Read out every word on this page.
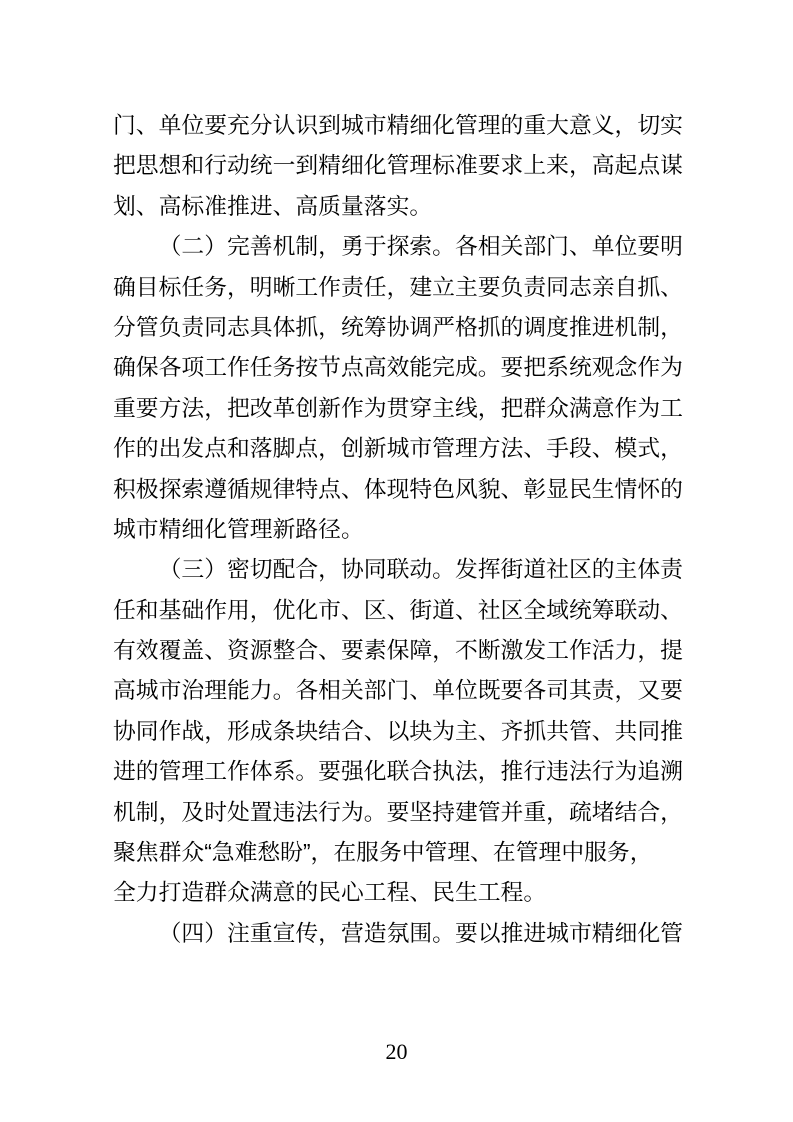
门、单位要充分认识到城市精细化管理的重大意义，切实
把思想和行动统一到精细化管理标准要求上来，高起点谋
划、高标准推进、高质量落实。
（二）完善机制，勇于探索。各相关部门、单位要明
确目标任务，明晰工作责任，建立主要负责同志亲自抓、
分管负责同志具体抓，统筹协调严格抓的调度推进机制，
确保各项工作任务按节点高效能完成。要把系统观念作为
重要方法，把改革创新作为贯穿主线，把群众满意作为工
作的出发点和落脚点，创新城市管理方法、手段、模式，
积极探索遵循规律特点、体现特色风貌、彰显民生情怀的
城市精细化管理新路径。
（三）密切配合，协同联动。发挥街道社区的主体责
任和基础作用，优化市、区、街道、社区全域统筹联动、
有效覆盖、资源整合、要素保障，不断激发工作活力，提
高城市治理能力。各相关部门、单位既要各司其责，又要
协同作战，形成条块结合、以块为主、齐抓共管、共同推
进的管理工作体系。要强化联合执法，推行违法行为追溯
机制，及时处置违法行为。要坚持建管并重，疏堵结合，
聚焦群众“急难愁盼”，在服务中管理、在管理中服务，
全力打造群众满意的民心工程、民生工程。
（四）注重宣传，营造氛围。要以推进城市精细化管
20
